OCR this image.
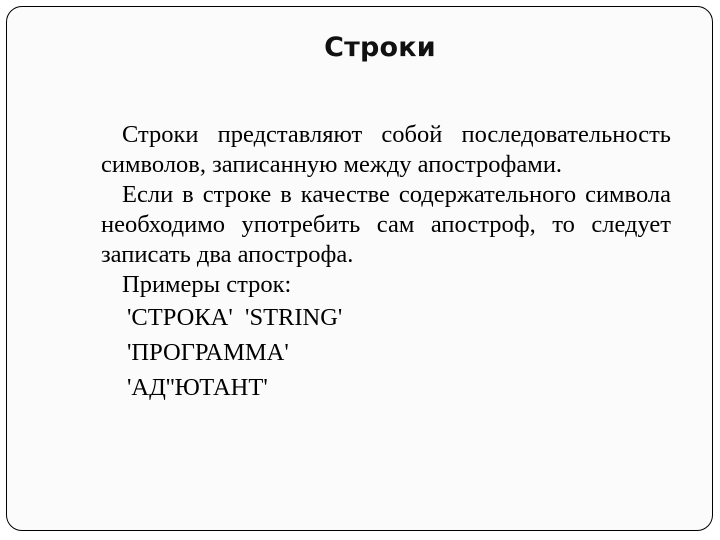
Строки

Строки представляют собой последовательность символов, записанную между апострофами.

Если в строке в качестве содержательного символа необходимо употребить сам апостроф, то следует записать два апострофа.

Примеры строк:

'СТРОКА'  'STRING'

'ПРОГРАММА'

'АД''ЮТАНТ'
